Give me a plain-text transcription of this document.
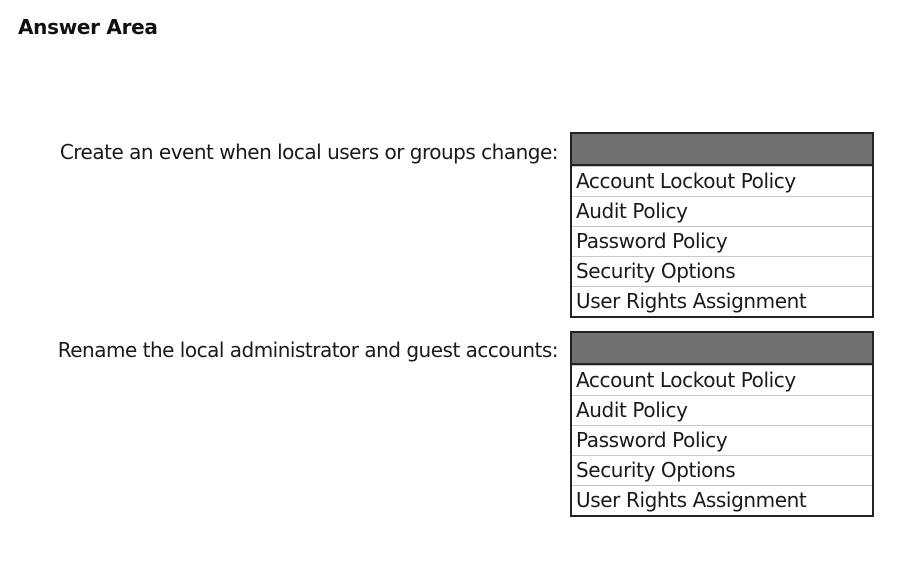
Answer Area
Create an event when local users or groups change:
Account Lockout Policy
Audit Policy
Password Policy
Security Options
User Rights Assignment
Rename the local administrator and guest accounts:
Account Lockout Policy
Audit Policy
Password Policy
Security Options
User Rights Assignment
